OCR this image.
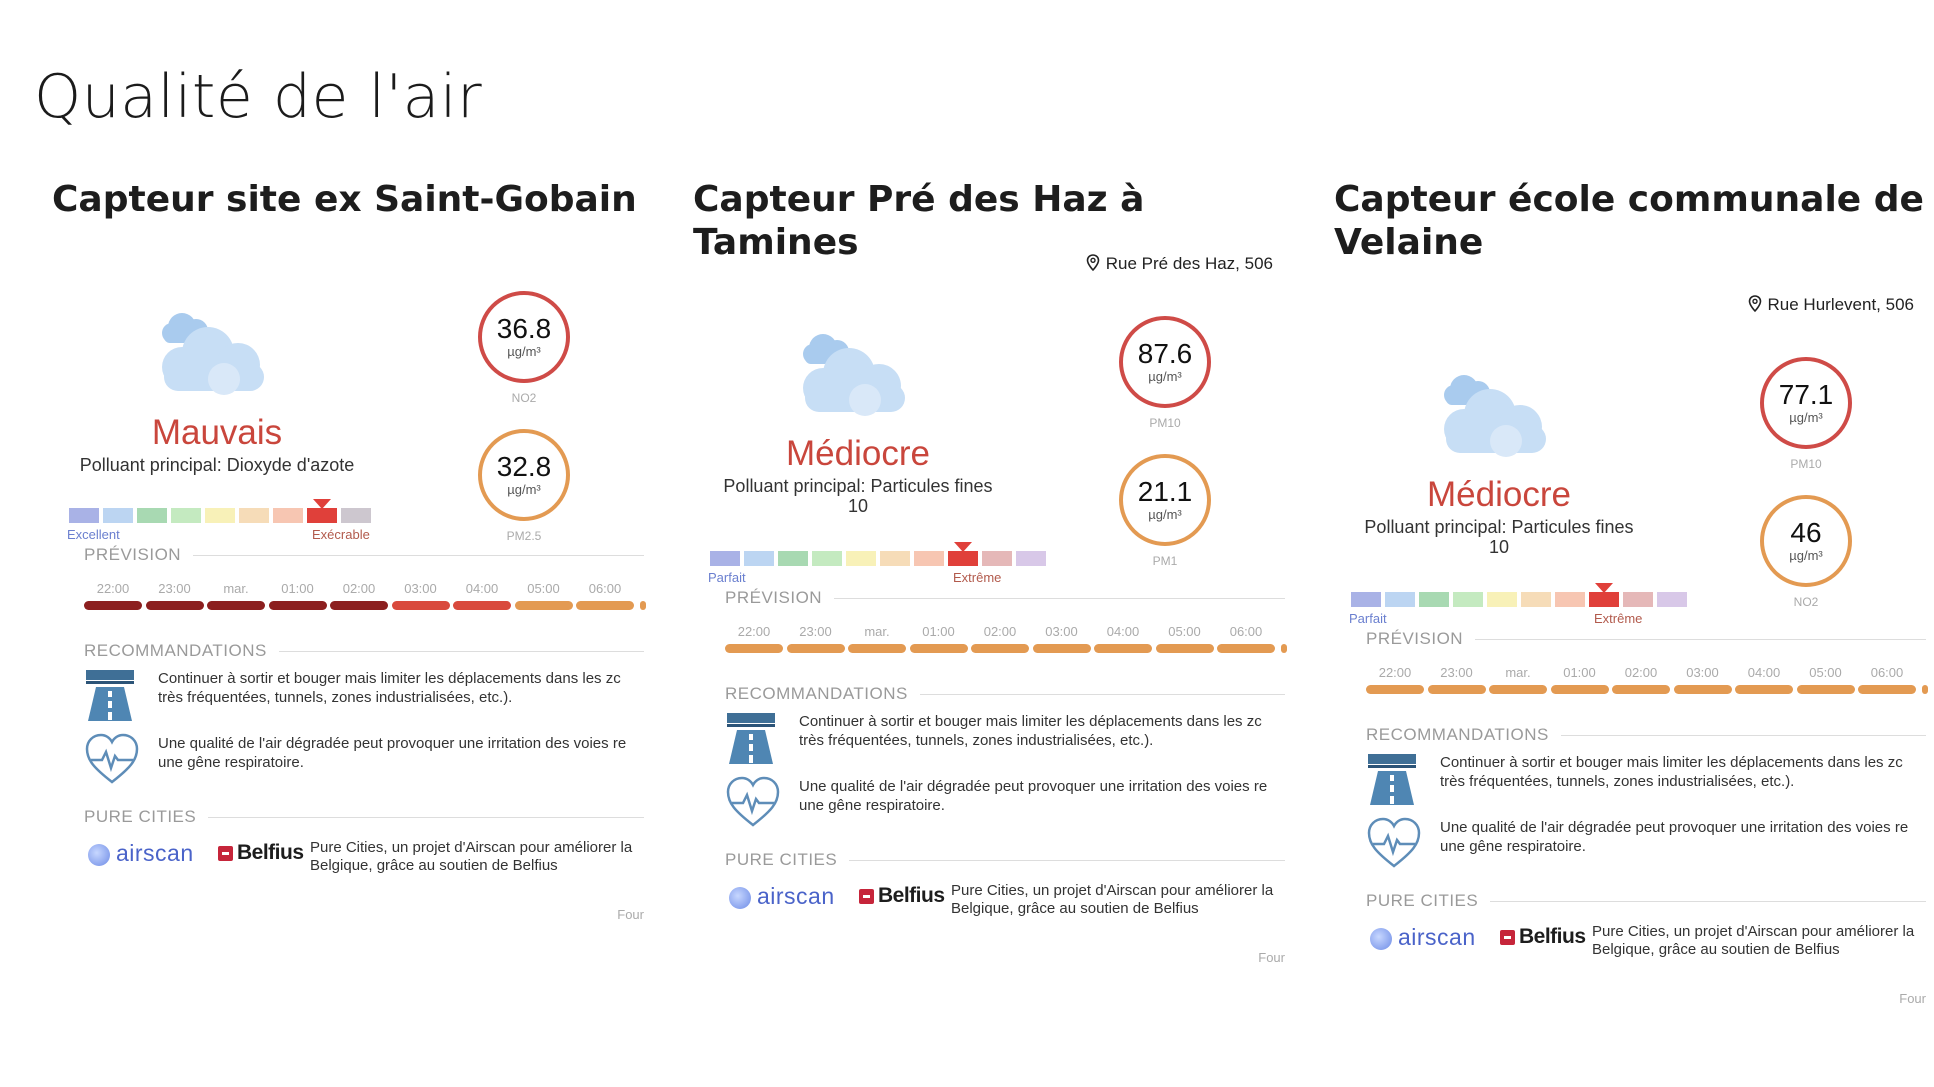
Qualité de l'air
Capteur site ex Saint-Gobain
Mauvais
Polluant principal: Dioxyde d'azote
36.8
µg/m³
NO2
32.8
µg/m³
PM2.5
Excellent	Exécrable
PRÉVISION
22:00	23:00	mar.	01:00	02:00	03:00	04:00	05:00	06:00
RECOMMANDATIONS
Continuer à sortir et bouger mais limiter les déplacements dans les zc
très fréquentées, tunnels, zones industrialisées, etc.).
Une qualité de l'air dégradée peut provoquer une irritation des voies re
une gêne respiratoire.
PURE CITIES
airscan Belfius Pure Cities, un projet d'Airscan pour améliorer la
Belgique, grâce au soutien de Belfius
Four
Capteur Pré des Haz à Tamines
Rue Pré des Haz, 506
Médiocre
Polluant principal: Particules fines
10
87.6
µg/m³
PM10
21.1
µg/m³
PM1
Parfait	Extrême
PRÉVISION
22:00	23:00	mar.	01:00	02:00	03:00	04:00	05:00	06:00
RECOMMANDATIONS
Continuer à sortir et bouger mais limiter les déplacements dans les zc
très fréquentées, tunnels, zones industrialisées, etc.).
Une qualité de l'air dégradée peut provoquer une irritation des voies re
une gêne respiratoire.
PURE CITIES
airscan Belfius Pure Cities, un projet d'Airscan pour améliorer la
Belgique, grâce au soutien de Belfius
Four
Capteur école communale de Velaine
Rue Hurlevent, 506
Médiocre
Polluant principal: Particules fines
10
77.1
µg/m³
PM10
46
µg/m³
NO2
Parfait	Extrême
PRÉVISION
22:00	23:00	mar.	01:00	02:00	03:00	04:00	05:00	06:00
RECOMMANDATIONS
Continuer à sortir et bouger mais limiter les déplacements dans les zc
très fréquentées, tunnels, zones industrialisées, etc.).
Une qualité de l'air dégradée peut provoquer une irritation des voies re
une gêne respiratoire.
PURE CITIES
airscan Belfius Pure Cities, un projet d'Airscan pour améliorer la
Belgique, grâce au soutien de Belfius
Four
